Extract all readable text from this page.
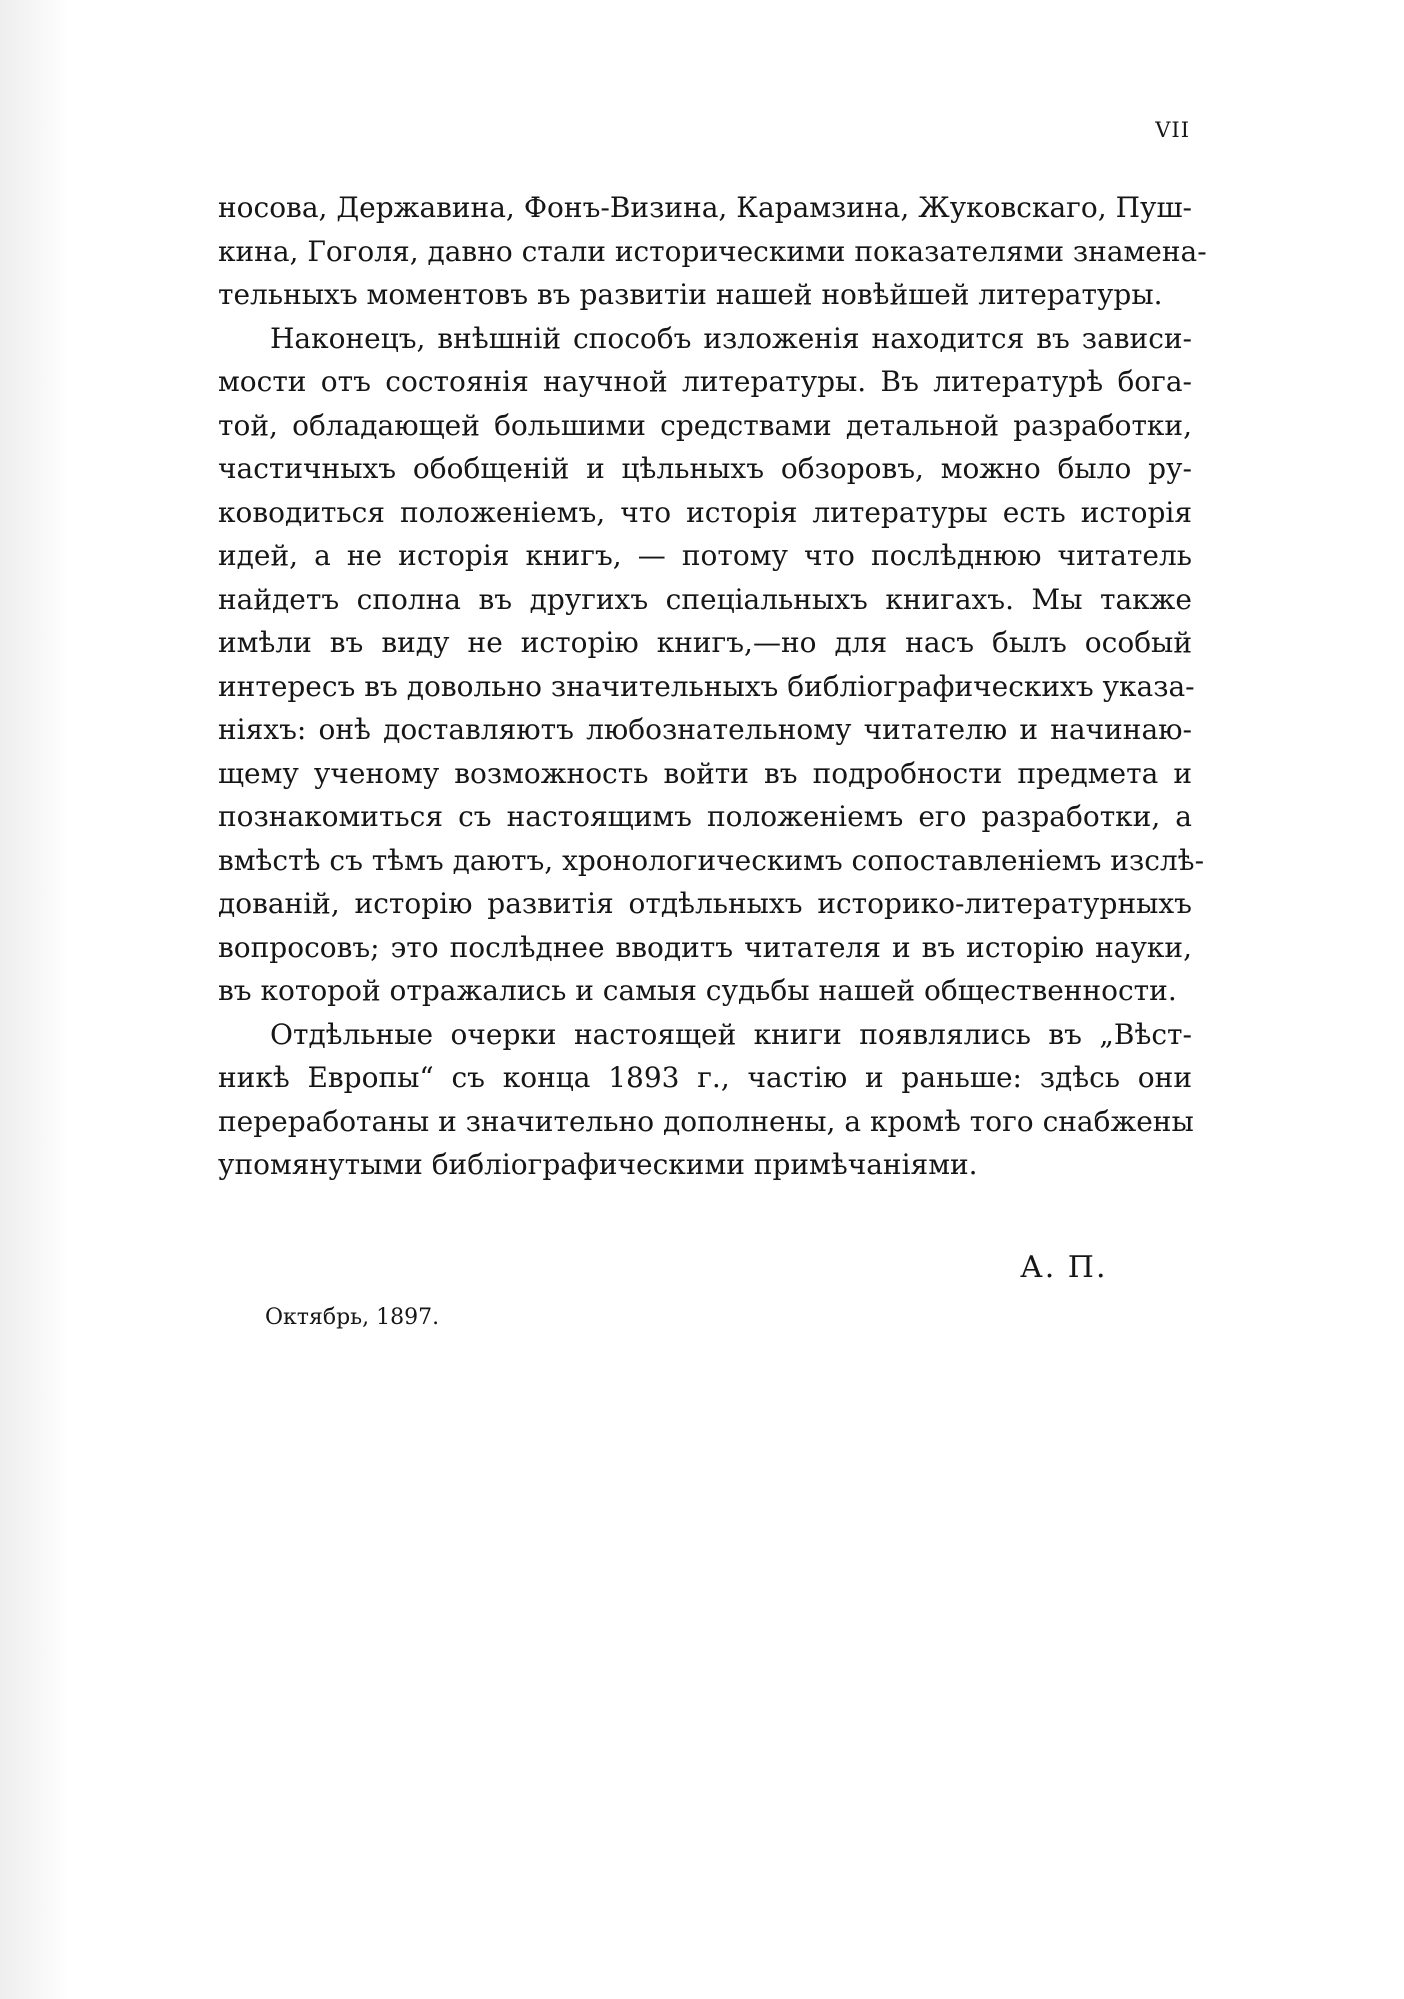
VII
носова, Державина, Фонъ-Визина, Карамзина, Жуковскаго, Пуш-
кина, Гоголя, давно стали историческими показателями знамена-
тельныхъ моментовъ въ развитіи нашей новѣйшей литературы.
Наконецъ, внѣшній способъ изложенія находится въ зависи-
мости отъ состоянія научной литературы. Въ литературѣ бога-
той, обладающей большими средствами детальной разработки,
частичныхъ обобщеній и цѣльныхъ обзоровъ, можно было ру-
ководиться положеніемъ, что исторія литературы есть исторія
идей, а не исторія книгъ, — потому что послѣднюю читатель
найдетъ сполна въ другихъ спеціальныхъ книгахъ. Мы также
имѣли въ виду не исторію книгъ,—но для насъ былъ особый
интересъ въ довольно значительныхъ библіографическихъ указа-
ніяхъ: онѣ доставляютъ любознательному читателю и начинаю-
щему ученому возможность войти въ подробности предмета и
познакомиться съ настоящимъ положеніемъ его разработки, а
вмѣстѣ съ тѣмъ даютъ, хронологическимъ сопоставленіемъ изслѣ-
дованій, исторію развитія отдѣльныхъ историко-литературныхъ
вопросовъ; это послѣднее вводитъ читателя и въ исторію науки,
въ которой отражались и самыя судьбы нашей общественности.
Отдѣльные очерки настоящей книги появлялись въ „Вѣст-
никѣ Европы“ съ конца 1893 г., частію и раньше: здѣсь они
переработаны и значительно дополнены, а кромѣ того снабжены
упомянутыми библіографическими примѣчаніями.
А. П.
Октябрь, 1897.
